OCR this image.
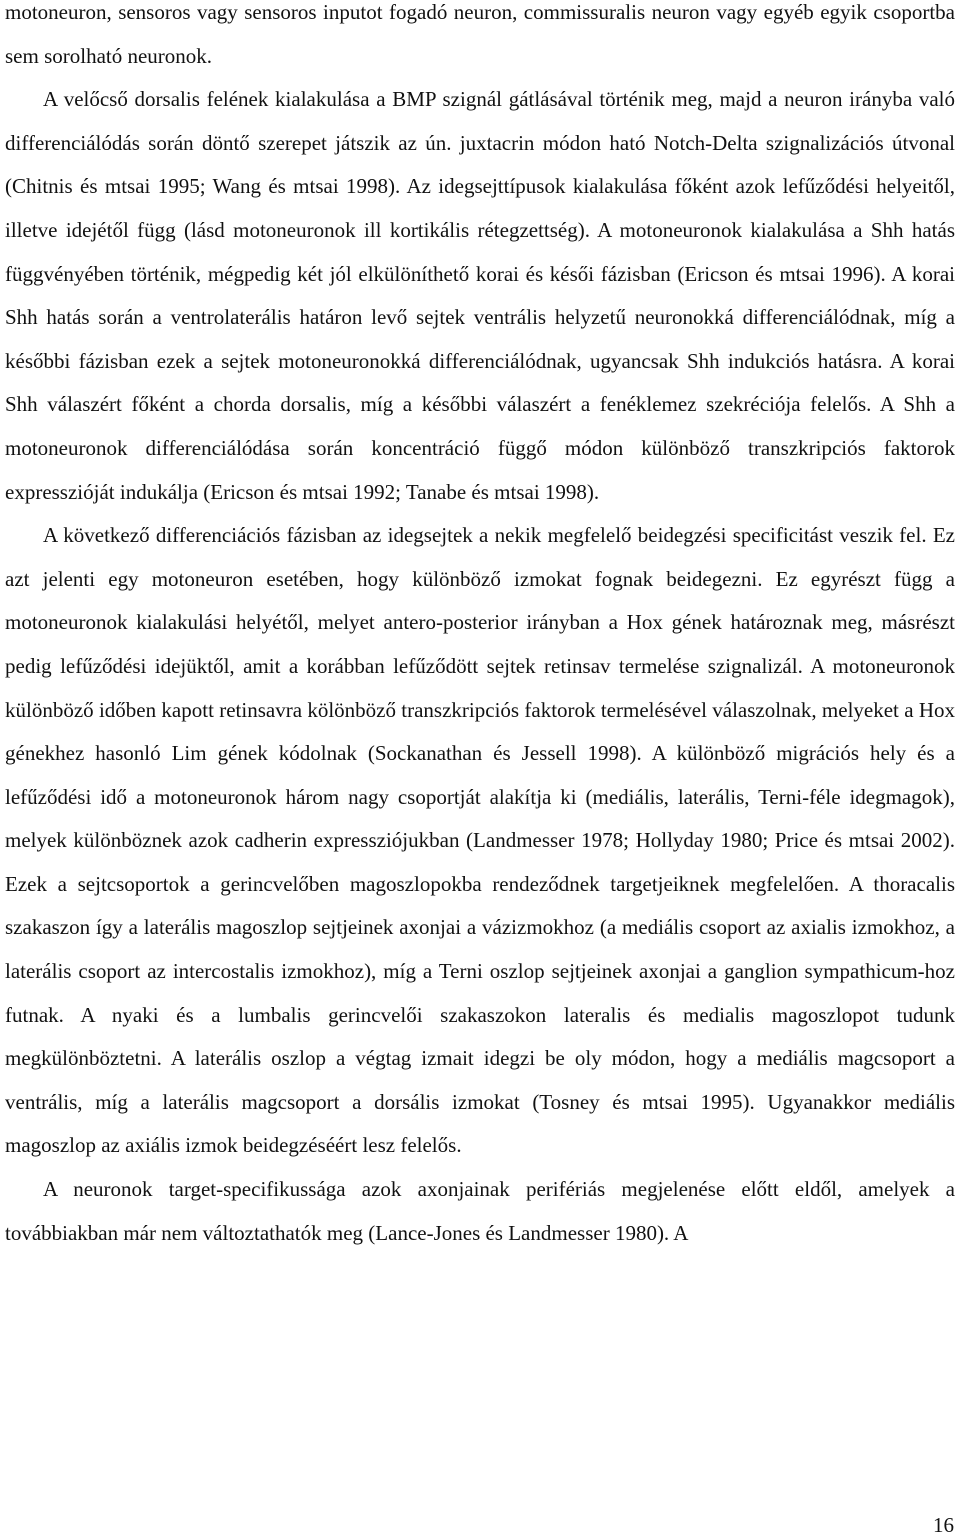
motoneuron, sensoros vagy sensoros inputot fogadó neuron, commissuralis neuron vagy egyéb egyik csoportba sem sorolható neuronok.

A velőcső dorsalis felének kialakulása a BMP szignál gátlásával történik meg, majd a neuron irányba való differenciálódás során döntő szerepet játszik az ún. juxtacrin módon ható Notch-Delta szignalizációs útvonal (Chitnis és mtsai 1995; Wang és mtsai 1998). Az idegsejttípusok kialakulása főként azok lefűződési helyeitől, illetve idejétől függ (lásd motoneuronok ill kortikális rétegzettség). A motoneuronok kialakulása a Shh hatás függvényében történik, mégpedig két jól elkülöníthető korai és késői fázisban (Ericson és mtsai 1996). A korai Shh hatás során a ventrolaterális határon levő sejtek ventrális helyzetű neuronokká differenciálódnak, míg a későbbi fázisban ezek a sejtek motoneuronokká differenciálódnak, ugyancsak Shh indukciós hatásra. A korai Shh válaszért főként a chorda dorsalis, míg a későbbi válaszért a fenéklemez szekréciója felelős. A Shh a motoneuronok differenciálódása során koncentráció függő módon különböző transzkripciós faktorok expresszióját indukálja (Ericson és mtsai 1992; Tanabe és mtsai 1998).

A következő differenciációs fázisban az idegsejtek a nekik megfelelő beidegzési specificitást veszik fel. Ez azt jelenti egy motoneuron esetében, hogy különböző izmokat fognak beidegezni. Ez egyrészt függ a motoneuronok kialakulási helyétől, melyet antero-posterior irányban a Hox gének határoznak meg, másrészt pedig lefűződési idejüktől, amit a korábban lefűződött sejtek retinsav termelése szignalizál. A motoneuronok különböző időben kapott retinsavra kölönböző transzkripciós faktorok termelésével válaszolnak, melyeket a Hox génekhez hasonló Lim gének kódolnak (Sockanathan és Jessell 1998). A különböző migrációs hely és a lefűződési idő a motoneuronok három nagy csoportját alakítja ki (mediális, laterális, Terni-féle idegmagok), melyek különböznek azok cadherin expressziójukban (Landmesser 1978; Hollyday 1980; Price és mtsai 2002). Ezek a sejtcsoportok a gerincvelőben magoszlopokba rendeződnek targetjeiknek megfelelően. A thoracalis szakaszon így a laterális magoszlop sejtjeinek axonjai a vázizmokhoz (a mediális csoport az axialis izmokhoz, a laterális csoport az intercostalis izmokhoz), míg a Terni oszlop sejtjeinek axonjai a ganglion sympathicum-hoz futnak. A nyaki és a lumbalis gerincvelői szakaszokon lateralis és medialis magoszlopot tudunk megkülönböztetni. A laterális oszlop a végtag izmait idegzi be oly módon, hogy a mediális magcsoport a ventrális, míg a laterális magcsoport a dorsális izmokat (Tosney és mtsai 1995). Ugyanakkor mediális magoszlop az axiális izmok beidegzéséért lesz felelős.

A neuronok target-specifikussága azok axonjainak perifériás megjelenése előtt eldől, amelyek a továbbiakban már nem változtathatók meg (Lance-Jones és Landmesser 1980). A

16
